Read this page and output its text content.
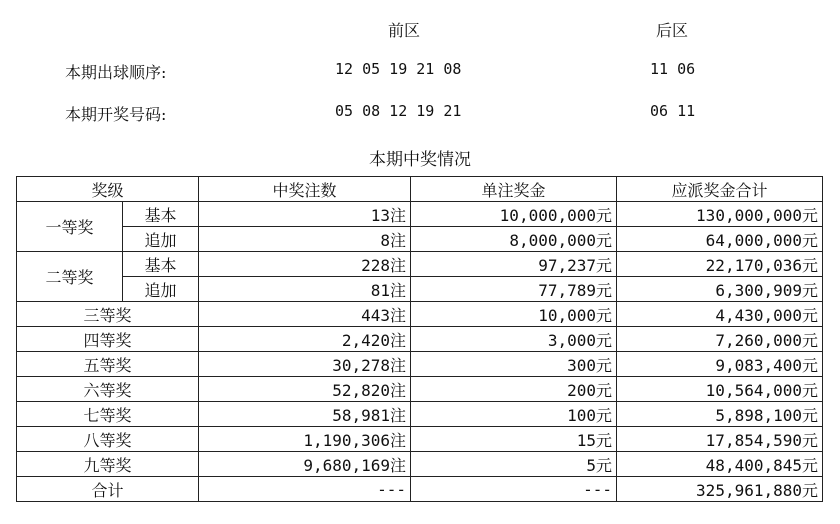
前区	后区
本期出球顺序:	12 05 19 21 08	11 06
本期开奖号码:	05 08 12 19 21	06 11
本期中奖情况
奖级		中奖注数	单注奖金	应派奖金合计
一等奖	基本	13注	10,000,000元	130,000,000元
	追加	8注	8,000,000元	64,000,000元
二等奖	基本	228注	97,237元	22,170,036元
	追加	81注	77,789元	6,300,909元
三等奖		443注	10,000元	4,430,000元
四等奖		2,420注	3,000元	7,260,000元
五等奖		30,278注	300元	9,083,400元
六等奖		52,820注	200元	10,564,000元
七等奖		58,981注	100元	5,898,100元
八等奖		1,190,306注	15元	17,854,590元
九等奖		9,680,169注	5元	48,400,845元
合计		---	---	325,961,880元
